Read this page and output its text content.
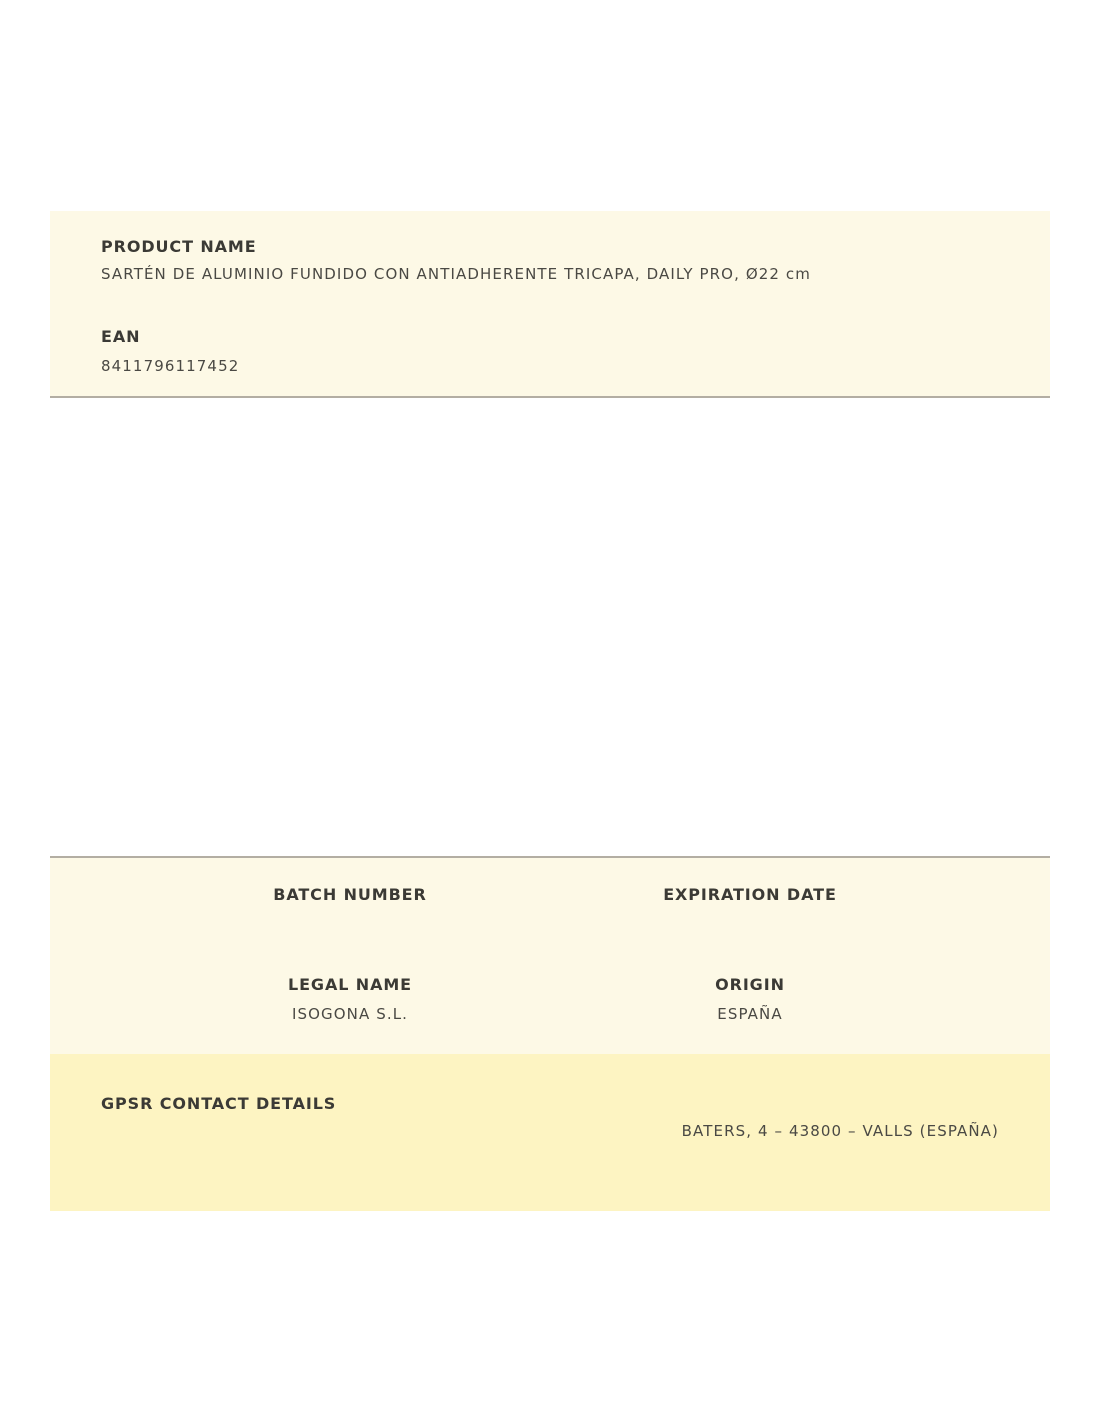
PRODUCT NAME
SARTÉN DE ALUMINIO FUNDIDO CON ANTIADHERENTE TRICAPA, DAILY PRO, Ø22 cm
EAN
8411796117452
BATCH NUMBER
LEGAL NAME
ISOGONA S.L.
EXPIRATION DATE
ORIGIN
ESPAÑA
GPSR CONTACT DETAILS
BATERS, 4 – 43800 – VALLS (ESPAÑA)
